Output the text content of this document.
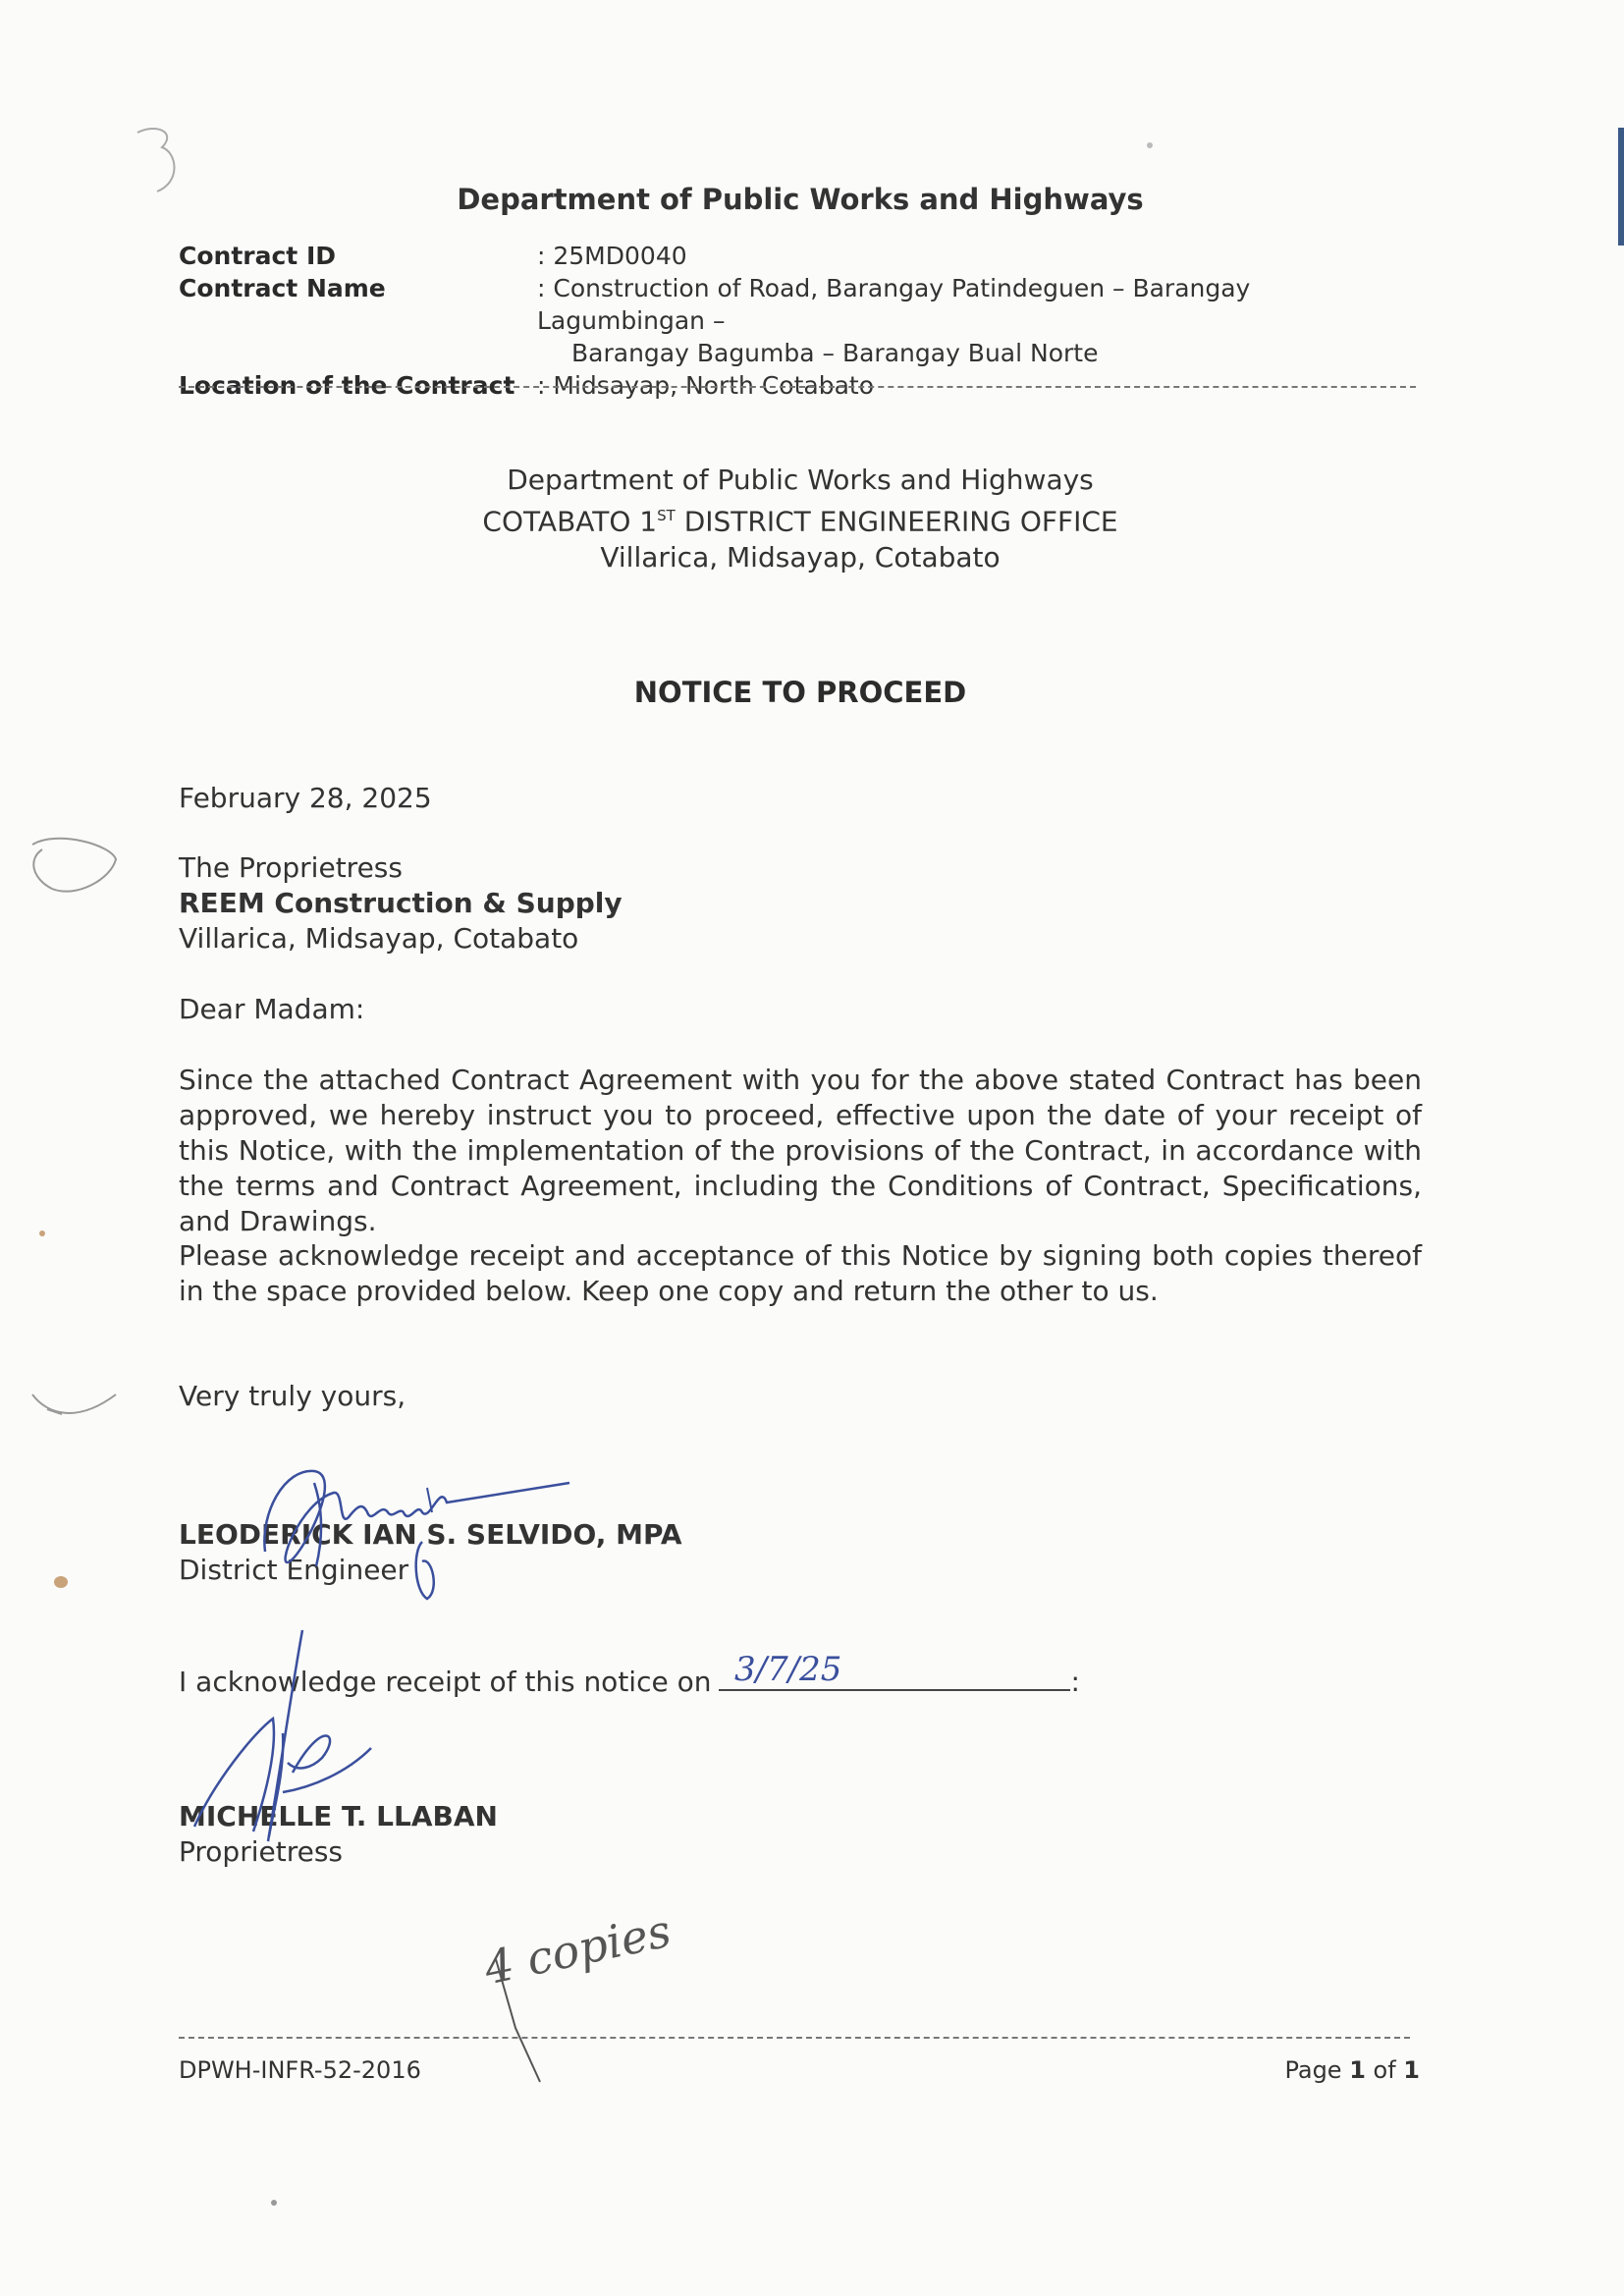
Department of Public Works and Highways
Contract ID	: 25MD0040
Contract Name	: Construction of Road, Barangay Patindeguen – Barangay Lagumbingan –
Barangay Bagumba – Barangay Bual Norte
Location of the Contract : Midsayap, North Cotabato
Department of Public Works and Highways
COTABATO 1ST DISTRICT ENGINEERING OFFICE
Villarica, Midsayap, Cotabato
NOTICE TO PROCEED
February 28, 2025
The Proprietress
REEM Construction & Supply
Villarica, Midsayap, Cotabato
Dear Madam:
Since the attached Contract Agreement with you for the above stated Contract has been approved, we hereby instruct you to proceed, effective upon the date of your receipt of this Notice, with the implementation of the provisions of the Contract, in accordance with the terms and Contract Agreement, including the Conditions of Contract, Specifications, and Drawings.
Please acknowledge receipt and acceptance of this Notice by signing both copies thereof in the space provided below. Keep one copy and return the other to us.
Very truly yours,
LEODERICK IAN S. SELVIDO, MPA
District Engineer
I acknowledge receipt of this notice on	:
MICHELLE T. LLABAN
Proprietress
3/7/25
4 copies
DPWH-INFR-52-2016	Page 1 of 1
